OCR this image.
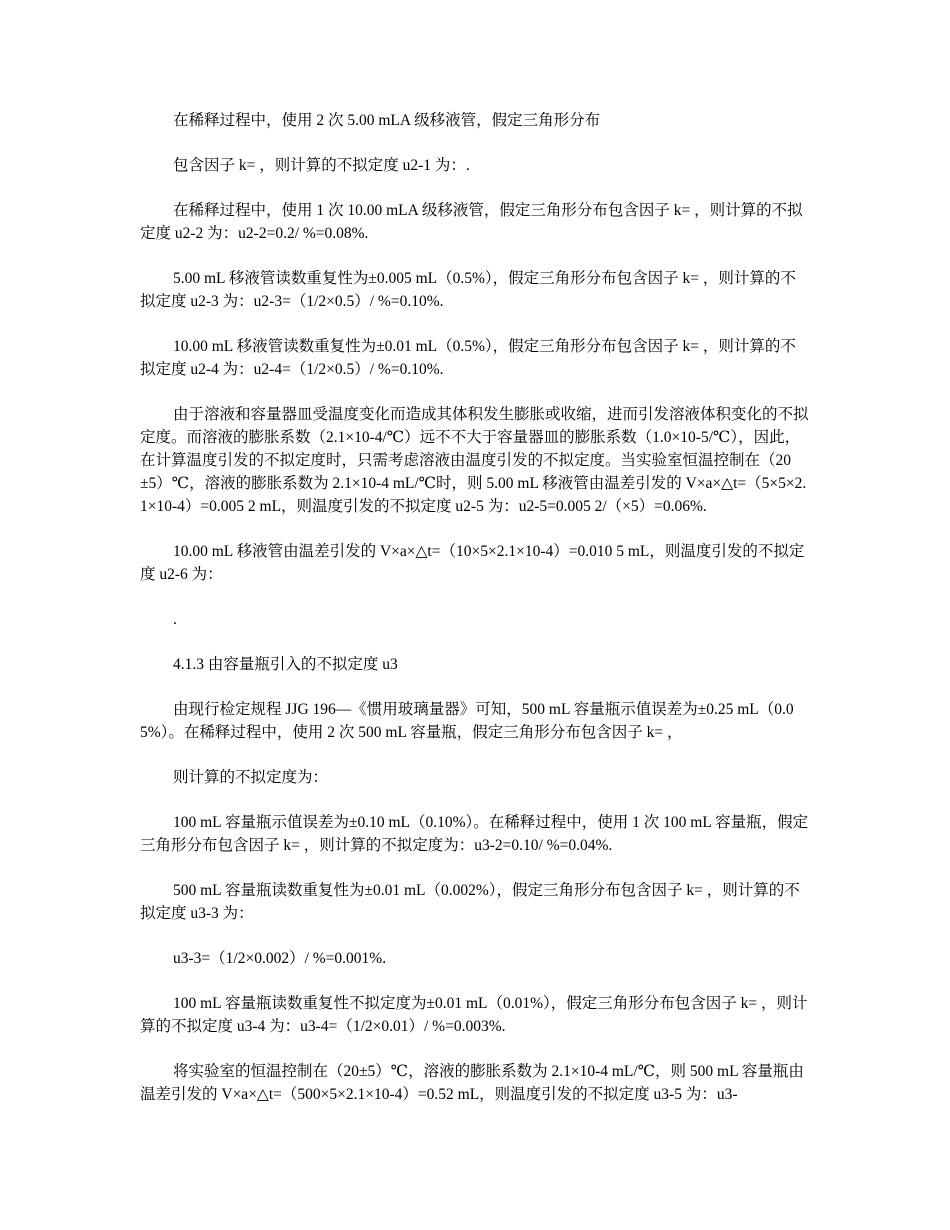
在稀释过程中，使用 2 次 5.00 mLA 级移液管，假定三角形分布

包含因子 k= ，则计算的不拟定度 u2-1 为：.

在稀释过程中，使用 1 次 10.00 mLA 级移液管，假定三角形分布包含因子 k= ，则计算的不拟定度 u2-2 为：u2-2=0.2/ %=0.08%.

5.00 mL 移液管读数重复性为±0.005 mL（0.5%），假定三角形分布包含因子 k= ，则计算的不拟定度 u2-3 为：u2-3=（1/2×0.5）/ %=0.10%.

10.00 mL 移液管读数重复性为±0.01 mL（0.5%），假定三角形分布包含因子 k= ，则计算的不拟定度 u2-4 为：u2-4=（1/2×0.5）/ %=0.10%.

由于溶液和容量器皿受温度变化而造成其体积发生膨胀或收缩，进而引发溶液体积变化的不拟定度。而溶液的膨胀系数（2.1×10-4/℃）远不不大于容量器皿的膨胀系数（1.0×10-5/℃），因此，在计算温度引发的不拟定度时，只需考虑溶液由温度引发的不拟定度。当实验室恒温控制在（20±5）℃，溶液的膨胀系数为 2.1×10-4 mL/℃时，则 5.00 mL 移液管由温差引发的 V×a×△t=（5×5×2.1×10-4）=0.005 2 mL，则温度引发的不拟定度 u2-5 为：u2-5=0.005 2/（×5）=0.06%.

10.00 mL 移液管由温差引发的 V×a×△t=（10×5×2.1×10-4）=0.010 5 mL，则温度引发的不拟定度 u2-6 为：

.

4.1.3 由容量瓶引入的不拟定度 u3

由现行检定规程 JJG 196—《惯用玻璃量器》可知，500 mL 容量瓶示值误差为±0.25 mL（0.05%）。在稀释过程中，使用 2 次 500 mL 容量瓶，假定三角形分布包含因子 k= ，

则计算的不拟定度为：

100 mL 容量瓶示值误差为±0.10 mL（0.10%）。在稀释过程中，使用 1 次 100 mL 容量瓶，假定三角形分布包含因子 k= ，则计算的不拟定度为：u3-2=0.10/ %=0.04%.

500 mL 容量瓶读数重复性为±0.01 mL（0.002%），假定三角形分布包含因子 k= ，则计算的不拟定度 u3-3 为：

u3-3=（1/2×0.002）/ %=0.001%.

100 mL 容量瓶读数重复性不拟定度为±0.01 mL（0.01%），假定三角形分布包含因子 k= ，则计算的不拟定度 u3-4 为：u3-4=（1/2×0.01）/ %=0.003%.

将实验室的恒温控制在（20±5）℃，溶液的膨胀系数为 2.1×10-4 mL/℃，则 500 mL 容量瓶由温差引发的 V×a×△t=（500×5×2.1×10-4）=0.52 mL，则温度引发的不拟定度 u3-5 为：u3-
